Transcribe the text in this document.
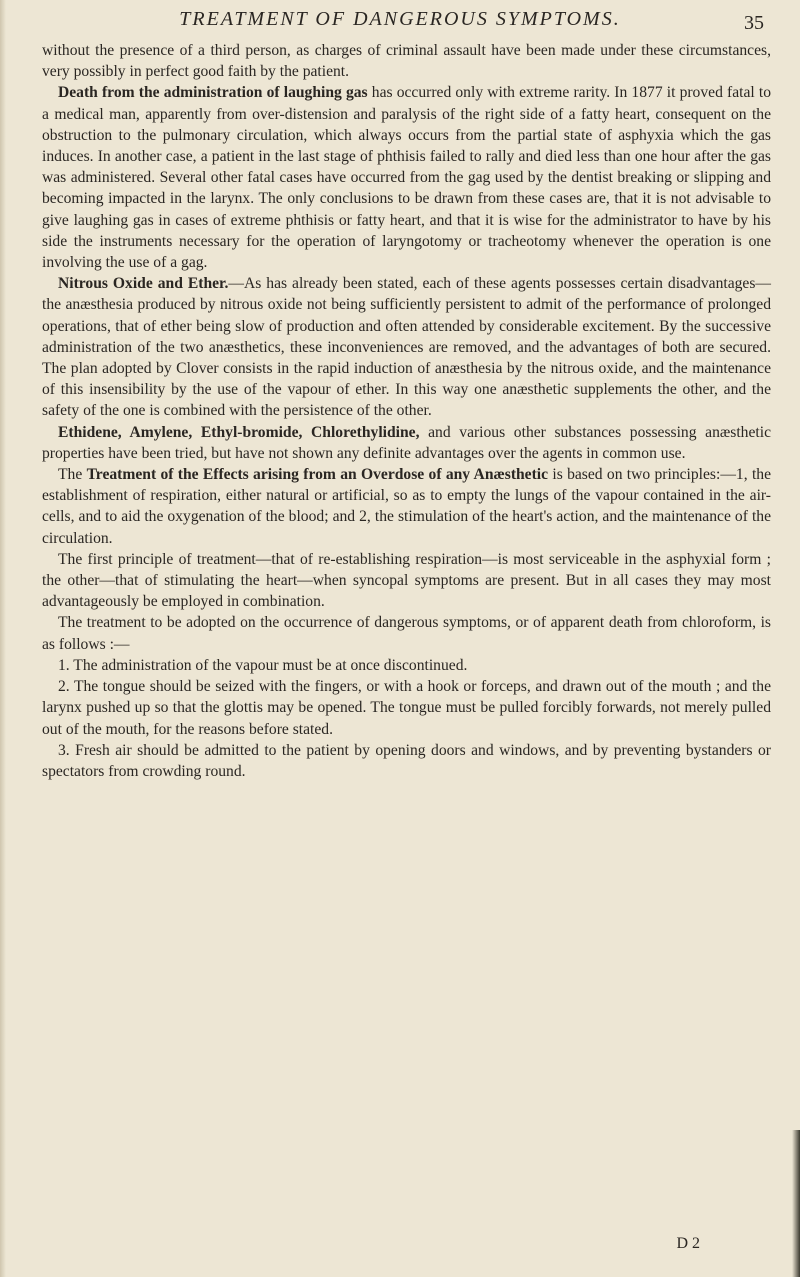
TREATMENT OF DANGEROUS SYMPTOMS.	35

without the presence of a third person, as charges of criminal assault have been made under these circumstances, very possibly in perfect good faith by the patient.

Death from the administration of laughing gas has occurred only with extreme rarity. In 1877 it proved fatal to a medical man, apparently from over-distension and paralysis of the right side of a fatty heart, consequent on the obstruction to the pulmonary circulation, which always occurs from the partial state of asphyxia which the gas induces. In another case, a patient in the last stage of phthisis failed to rally and died less than one hour after the gas was administered. Several other fatal cases have occurred from the gag used by the dentist breaking or slipping and becoming impacted in the larynx. The only conclusions to be drawn from these cases are, that it is not advisable to give laughing gas in cases of extreme phthisis or fatty heart, and that it is wise for the administrator to have by his side the instruments necessary for the operation of laryngotomy or tracheotomy whenever the operation is one involving the use of a gag.

Nitrous Oxide and Ether.—As has already been stated, each of these agents possesses certain disadvantages—the anæsthesia produced by nitrous oxide not being sufficiently persistent to admit of the performance of prolonged operations, that of ether being slow of production and often attended by considerable excitement. By the successive administration of the two anæsthetics, these inconveniences are removed, and the advantages of both are secured. The plan adopted by Clover consists in the rapid induction of anæsthesia by the nitrous oxide, and the maintenance of this insensibility by the use of the vapour of ether. In this way one anæsthetic supplements the other, and the safety of the one is combined with the persistence of the other.

Ethidene, Amylene, Ethyl-bromide, Chlorethylidine, and various other substances possessing anæsthetic properties have been tried, but have not shown any definite advantages over the agents in common use.

The Treatment of the Effects arising from an Overdose of any Anæsthetic is based on two principles:—1, the establishment of respiration, either natural or artificial, so as to empty the lungs of the vapour contained in the air-cells, and to aid the oxygenation of the blood; and 2, the stimulation of the heart's action, and the maintenance of the circulation.

The first principle of treatment—that of re-establishing respiration—is most serviceable in the asphyxial form ; the other—that of stimulating the heart—when syncopal symptoms are present. But in all cases they may most advantageously be employed in combination.

The treatment to be adopted on the occurrence of dangerous symptoms, or of apparent death from chloroform, is as follows :—

1. The administration of the vapour must be at once discontinued.

2. The tongue should be seized with the fingers, or with a hook or forceps, and drawn out of the mouth ; and the larynx pushed up so that the glottis may be opened. The tongue must be pulled forcibly forwards, not merely pulled out of the mouth, for the reasons before stated.

3. Fresh air should be admitted to the patient by opening doors and windows, and by preventing bystanders or spectators from crowding round.

D 2
